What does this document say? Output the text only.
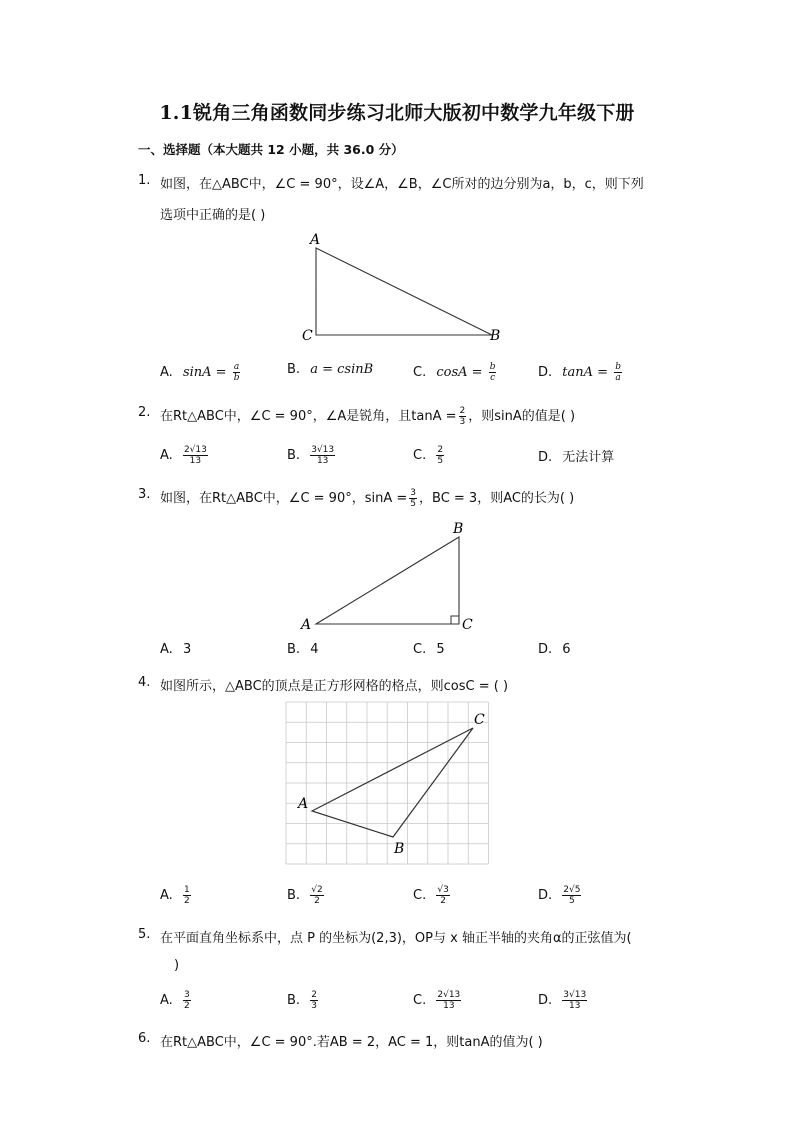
1.1锐角三角函数同步练习北师大版初中数学九年级下册
一、选择题（本大题共 12 小题，共 36.0 分）
1. 如图，在△ABC中，∠C = 90°，设∠A，∠B，∠C所对的边分别为a，b，c，则下列
选项中正确的是( )
A
C	B
A. $\sin A = \frac{a}{b}$	B. a = csinB	C. $\cos A = \frac{b}{c}$	D. $\tan A = \frac{b}{a}$
2. 在Rt△ABC中，∠C = 90°，∠A是锐角，且$\tan A = \frac{2}{3}$ ，则sinA的值是( )
A. $\frac{2√13}{13}$	B. $\frac{3√13}{13}$	C. $\frac{2}{5}$	D. 无法计算
3. 如图，在Rt△ABC中，∠C = 90°，$\sin A = \frac{3}{5}$ ，BC = 3，则AC的长为( )
B
A	C
A. 3	B. 4	C. 5	D. 6
4. 如图所示，△ABC的顶点是正方形网格的格点，则cosC = ( )
C
A
B
A. $\frac{1}{2}$	B. $\frac{√2}{2}$	C. $\frac{√3}{2}$	D. $\frac{2√5}{5}$
5. 在平面直角坐标系中，点 P 的坐标为(2,3)，OP与 x 轴正半轴的夹角α的正弦值为(
)
A. $\frac{3}{2}$	B. $\frac{2}{3}$	C. $\frac{2√13}{13}$	D. $\frac{3√13}{13}$
6. 在Rt△ABC中，∠C = 90°.若AB = 2，AC = 1，则tanA的值为( )
